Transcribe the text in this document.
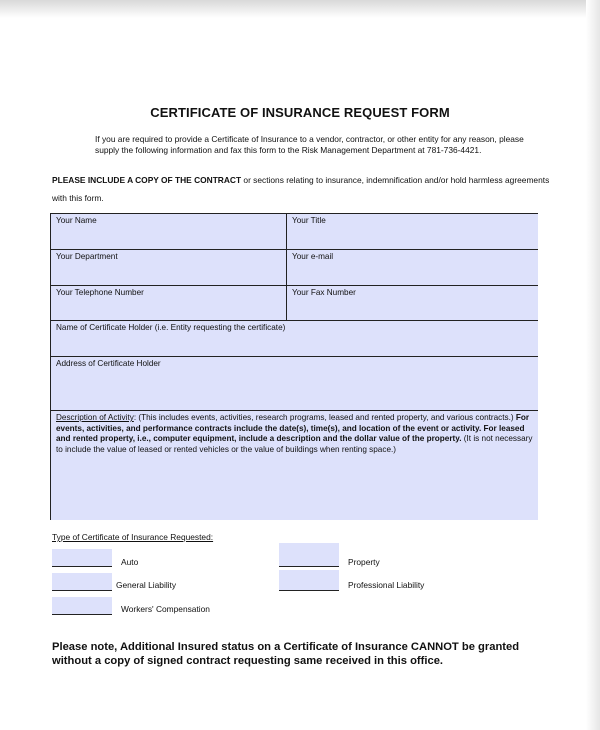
CERTIFICATE OF INSURANCE REQUEST FORM
If you are required to provide a Certificate of Insurance to a vendor, contractor, or other entity for any reason, please supply the following information and fax this form to the Risk Management Department at 781-736-4421.
PLEASE INCLUDE A COPY OF THE CONTRACT or sections relating to insurance, indemnification and/or hold harmless agreements with this form.
Your Name	Your Title
Your Department	Your e-mail
Your Telephone Number	Your Fax Number
Name of Certificate Holder (i.e. Entity requesting the certificate)
Address of Certificate Holder
Description of Activity: (This includes events, activities, research programs, leased and rented property, and various contracts.) For events, activities, and performance contracts include the date(s), time(s), and location of the event or activity. For leased and rented property, i.e., computer equipment, include a description and the dollar value of the property. (It is not necessary to include the value of leased or rented vehicles or the value of buildings when renting space.)
Type of Certificate of Insurance Requested:
Auto
General Liability
Workers' Compensation
Property
Professional Liability
Please note, Additional Insured status on a Certificate of Insurance CANNOT be granted without a copy of signed contract requesting same received in this office.
